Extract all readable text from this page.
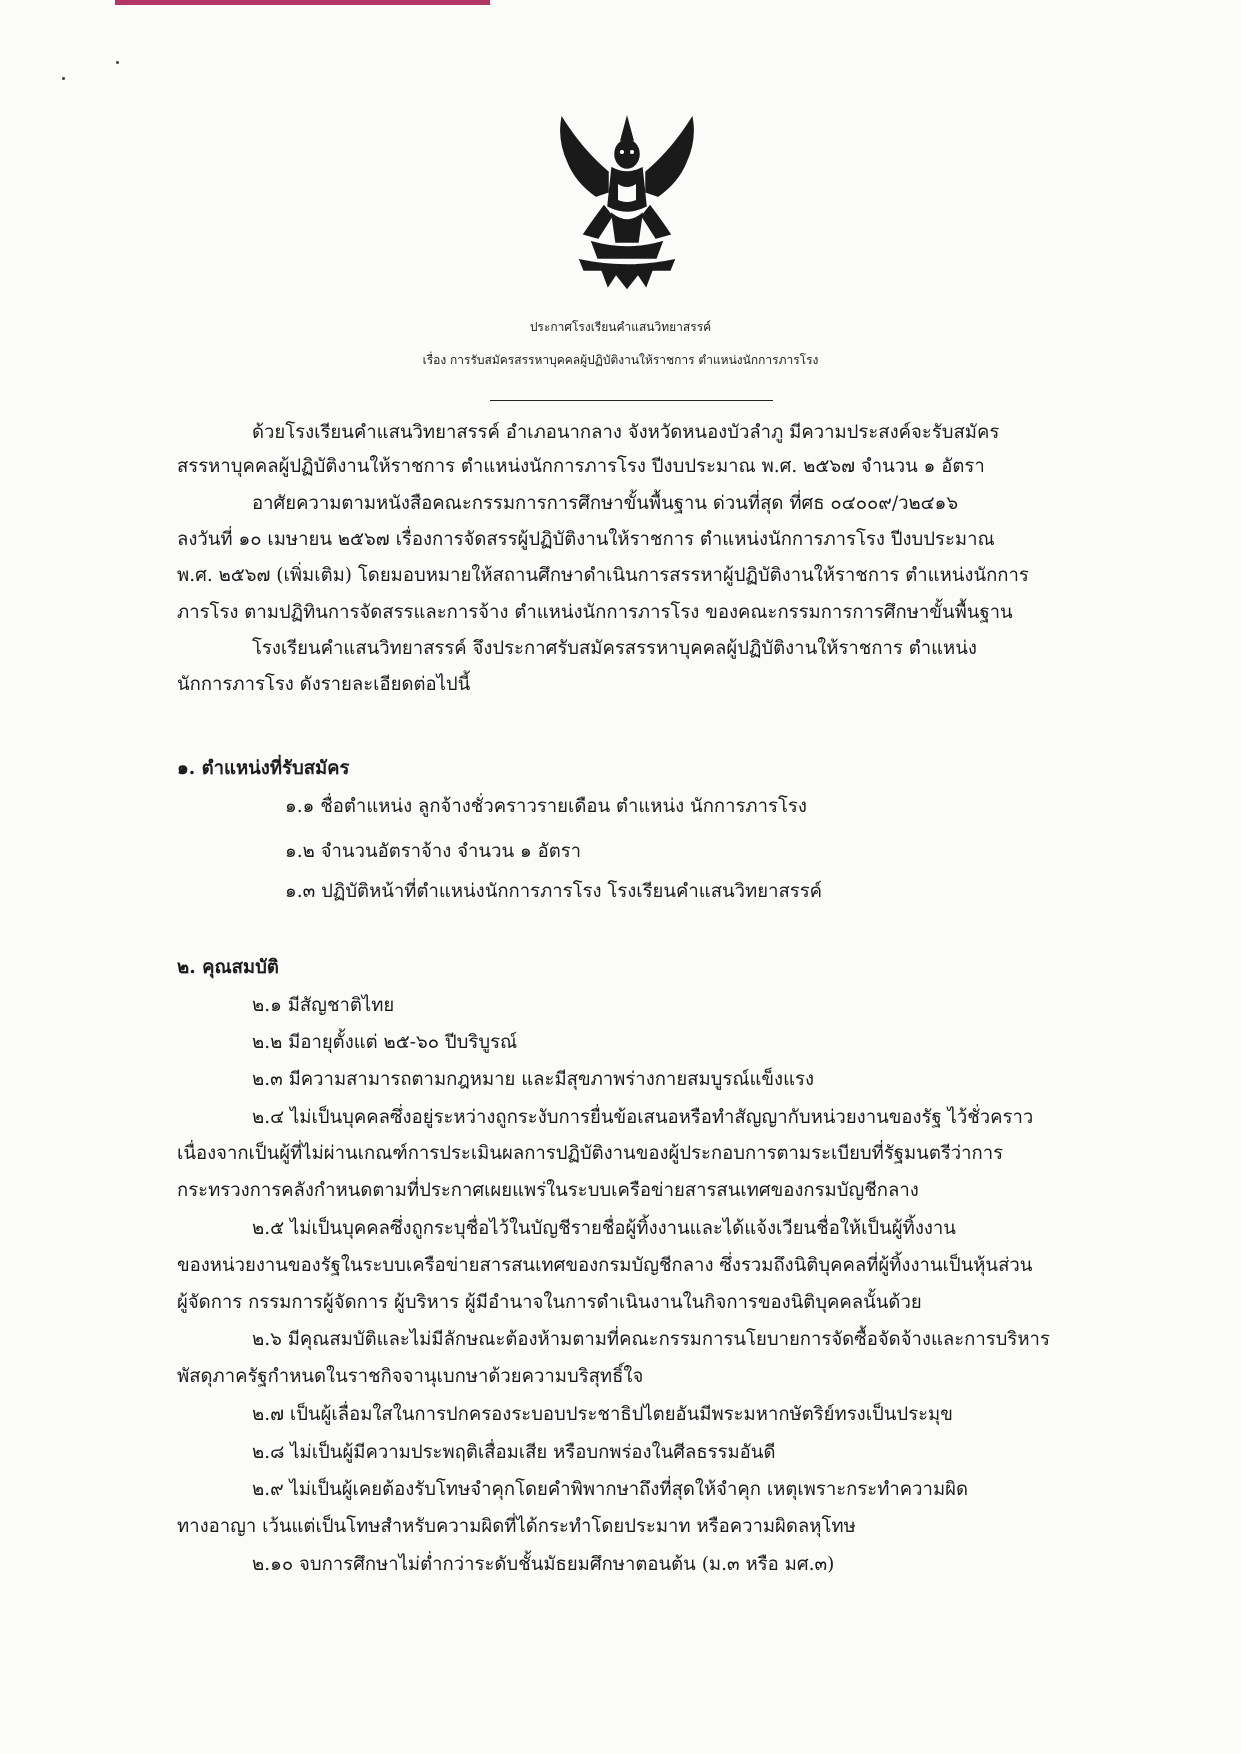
ประกาศโรงเรียนคำแสนวิทยาสรรค์
เรื่อง การรับสมัครสรรหาบุคคลผู้ปฏิบัติงานให้ราชการ ตำแหน่งนักการภารโรง
ด้วยโรงเรียนคำแสนวิทยาสรรค์ อำเภอนากลาง จังหวัดหนองบัวลำภู มีความประสงค์จะรับสมัคร
สรรหาบุคคลผู้ปฏิบัติงานให้ราชการ ตำแหน่งนักการภารโรง ปีงบประมาณ พ.ศ. ๒๕๖๗ จำนวน ๑ อัตรา
อาศัยความตามหนังสือคณะกรรมการการศึกษาขั้นพื้นฐาน ด่วนที่สุด ที่ศธ ๐๔๐๐๙/ว๒๔๑๖
ลงวันที่ ๑๐ เมษายน ๒๕๖๗ เรื่องการจัดสรรผู้ปฏิบัติงานให้ราชการ ตำแหน่งนักการภารโรง ปีงบประมาณ
พ.ศ. ๒๕๖๗ (เพิ่มเติม) โดยมอบหมายให้สถานศึกษาดำเนินการสรรหาผู้ปฏิบัติงานให้ราชการ ตำแหน่งนักการ
ภารโรง ตามปฏิทินการจัดสรรและการจ้าง ตำแหน่งนักการภารโรง ของคณะกรรมการการศึกษาขั้นพื้นฐาน
โรงเรียนคำแสนวิทยาสรรค์ จึงประกาศรับสมัครสรรหาบุคคลผู้ปฏิบัติงานให้ราชการ ตำแหน่ง
นักการภารโรง ดังรายละเอียดต่อไปนี้
๑. ตำแหน่งที่รับสมัคร
๑.๑ ชื่อตำแหน่ง ลูกจ้างชั่วคราวรายเดือน ตำแหน่ง นักการภารโรง
๑.๒ จำนวนอัตราจ้าง จำนวน ๑ อัตรา
๑.๓ ปฏิบัติหน้าที่ตำแหน่งนักการภารโรง โรงเรียนคำแสนวิทยาสรรค์
๒. คุณสมบัติ
๒.๑ มีสัญชาติไทย
๒.๒ มีอายุตั้งแต่ ๒๕-๖๐ ปีบริบูรณ์
๒.๓ มีความสามารถตามกฎหมาย และมีสุขภาพร่างกายสมบูรณ์แข็งแรง
๒.๔ ไม่เป็นบุคคลซึ่งอยู่ระหว่างถูกระงับการยื่นข้อเสนอหรือทำสัญญากับหน่วยงานของรัฐ ไว้ชั่วคราว
เนื่องจากเป็นผู้ที่ไม่ผ่านเกณฑ์การประเมินผลการปฏิบัติงานของผู้ประกอบการตามระเบียบที่รัฐมนตรีว่าการ
กระทรวงการคลังกำหนดตามที่ประกาศเผยแพร่ในระบบเครือข่ายสารสนเทศของกรมบัญชีกลาง
๒.๕ ไม่เป็นบุคคลซึ่งถูกระบุชื่อไว้ในบัญชีรายชื่อผู้ทิ้งงานและได้แจ้งเวียนชื่อให้เป็นผู้ทิ้งงาน
ของหน่วยงานของรัฐในระบบเครือข่ายสารสนเทศของกรมบัญชีกลาง ซึ่งรวมถึงนิติบุคคลที่ผู้ทิ้งงานเป็นหุ้นส่วน
ผู้จัดการ กรรมการผู้จัดการ ผู้บริหาร ผู้มีอำนาจในการดำเนินงานในกิจการของนิติบุคคลนั้นด้วย
๒.๖ มีคุณสมบัติและไม่มีลักษณะต้องห้ามตามที่คณะกรรมการนโยบายการจัดซื้อจัดจ้างและการบริหาร
พัสดุภาครัฐกำหนดในราชกิจจานุเบกษาด้วยความบริสุทธิ์ใจ
๒.๗ เป็นผู้เลื่อมใสในการปกครองระบอบประชาธิปไตยอันมีพระมหากษัตริย์ทรงเป็นประมุข
๒.๘ ไม่เป็นผู้มีความประพฤติเสื่อมเสีย หรือบกพร่องในศีลธรรมอันดี
๒.๙ ไม่เป็นผู้เคยต้องรับโทษจำคุกโดยคำพิพากษาถึงที่สุดให้จำคุก เหตุเพราะกระทำความผิด
ทางอาญา เว้นแต่เป็นโทษสำหรับความผิดที่ได้กระทำโดยประมาท หรือความผิดลหุโทษ
๒.๑๐ จบการศึกษาไม่ต่ำกว่าระดับชั้นมัธยมศึกษาตอนต้น (ม.๓ หรือ มศ.๓)
